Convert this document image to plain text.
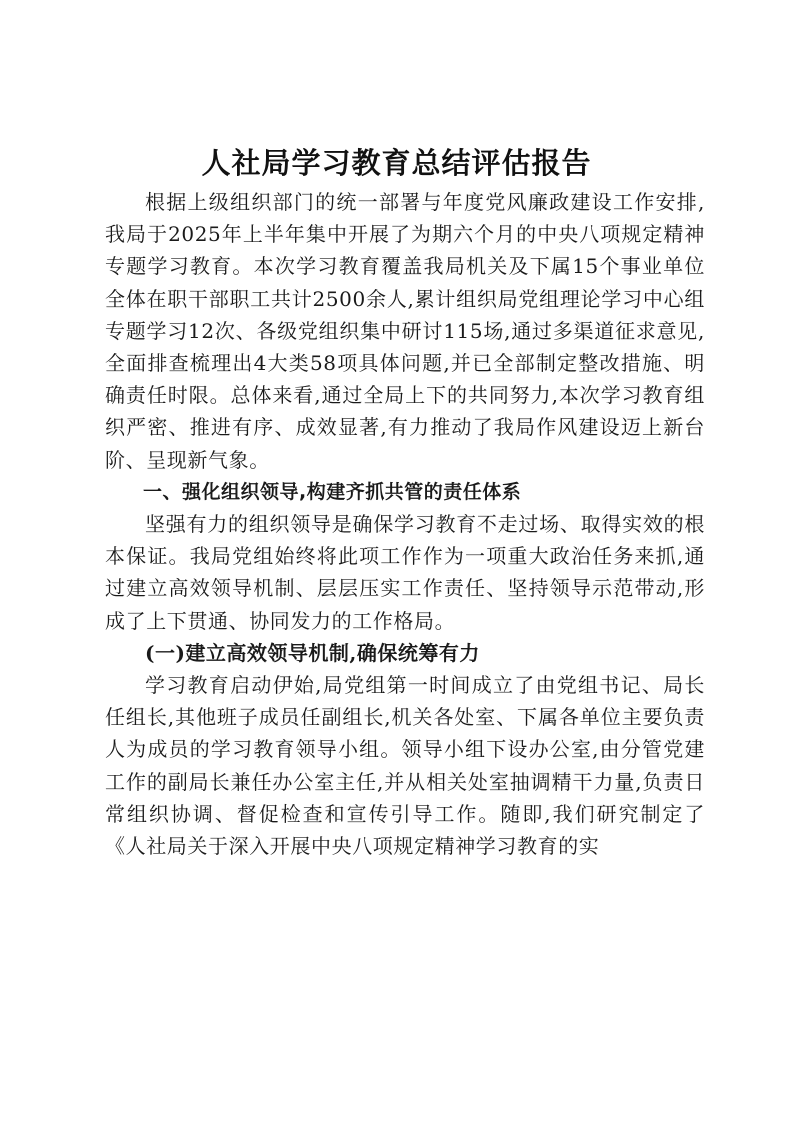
人社局学习教育总结评估报告

根据上级组织部门的统一部署与年度党风廉政建设工作安排,我局于2025年上半年集中开展了为期六个月的中央八项规定精神专题学习教育。本次学习教育覆盖我局机关及下属15个事业单位全体在职干部职工共计2500余人,累计组织局党组理论学习中心组专题学习12次、各级党组织集中研讨115场,通过多渠道征求意见,全面排查梳理出4大类58项具体问题,并已全部制定整改措施、明确责任时限。总体来看,通过全局上下的共同努力,本次学习教育组织严密、推进有序、成效显著,有力推动了我局作风建设迈上新台阶、呈现新气象。

一、强化组织领导,构建齐抓共管的责任体系

坚强有力的组织领导是确保学习教育不走过场、取得实效的根本保证。我局党组始终将此项工作作为一项重大政治任务来抓,通过建立高效领导机制、层层压实工作责任、坚持领导示范带动,形成了上下贯通、协同发力的工作格局。

(一)建立高效领导机制,确保统筹有力

学习教育启动伊始,局党组第一时间成立了由党组书记、局长任组长,其他班子成员任副组长,机关各处室、下属各单位主要负责人为成员的学习教育领导小组。领导小组下设办公室,由分管党建工作的副局长兼任办公室主任,并从相关处室抽调精干力量,负责日常组织协调、督促检查和宣传引导工作。随即,我们研究制定了《人社局关于深入开展中央八项规定精神学习教育的实
